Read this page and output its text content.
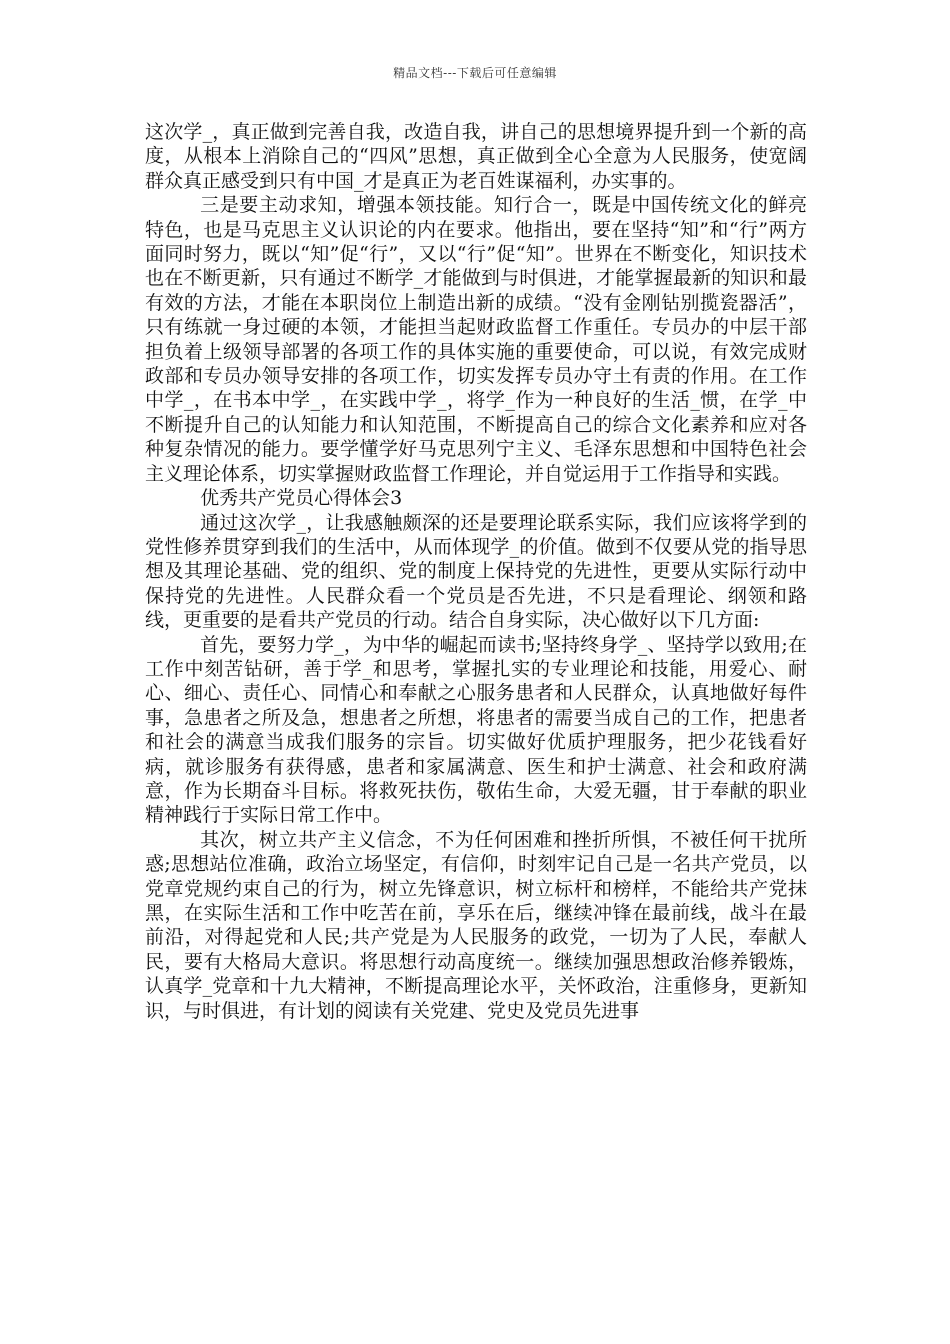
精品文档---下载后可任意编辑

这次学_，真正做到完善自我，改造自我，讲自己的思想境界提升到一个新的高度，从根本上消除自己的“四风”思想，真正做到全心全意为人民服务，使宽阔群众真正感受到只有中国_才是真正为老百姓谋福利，办实事的。

三是要主动求知，增强本领技能。知行合一，既是中国传统文化的鲜亮特色，也是马克思主义认识论的内在要求。他指出，要在坚持“知”和“行”两方面同时努力，既以“知”促“行”，又以“行”促“知”。世界在不断变化，知识技术也在不断更新，只有通过不断学_才能做到与时俱进，才能掌握最新的知识和最有效的方法，才能在本职岗位上制造出新的成绩。“没有金刚钻别揽瓷器活”，只有练就一身过硬的本领，才能担当起财政监督工作重任。专员办的中层干部担负着上级领导部署的各项工作的具体实施的重要使命，可以说，有效完成财政部和专员办领导安排的各项工作，切实发挥专员办守土有责的作用。在工作中学_，在书本中学_，在实践中学_，将学_作为一种良好的生活_惯，在学_中不断提升自己的认知能力和认知范围，不断提高自己的综合文化素养和应对各种复杂情况的能力。要学懂学好马克思列宁主义、毛泽东思想和中国特色社会主义理论体系，切实掌握财政监督工作理论，并自觉运用于工作指导和实践。

优秀共产党员心得体会3

通过这次学_，让我感触颇深的还是要理论联系实际，我们应该将学到的党性修养贯穿到我们的生活中，从而体现学_的价值。做到不仅要从党的指导思想及其理论基础、党的组织、党的制度上保持党的先进性，更要从实际行动中保持党的先进性。人民群众看一个党员是否先进，不只是看理论、纲领和路线，更重要的是看共产党员的行动。结合自身实际，决心做好以下几方面:

首先，要努力学_，为中华的崛起而读书;坚持终身学_、坚持学以致用;在工作中刻苦钻研，善于学_和思考，掌握扎实的专业理论和技能，用爱心、耐心、细心、责任心、同情心和奉献之心服务患者和人民群众，认真地做好每件事，急患者之所及急，想患者之所想，将患者的需要当成自己的工作，把患者和社会的满意当成我们服务的宗旨。切实做好优质护理服务，把少花钱看好病，就诊服务有获得感，患者和家属满意、医生和护士满意、社会和政府满意，作为长期奋斗目标。将救死扶伤，敬佑生命，大爱无疆，甘于奉献的职业精神践行于实际日常工作中。

其次，树立共产主义信念，不为任何困难和挫折所惧，不被任何干扰所惑;思想站位准确，政治立场坚定，有信仰，时刻牢记自己是一名共产党员，以党章党规约束自己的行为，树立先锋意识，树立标杆和榜样，不能给共产党抹黑，在实际生活和工作中吃苦在前，享乐在后，继续冲锋在最前线，战斗在最前沿，对得起党和人民;共产党是为人民服务的政党，一切为了人民，奉献人民，要有大格局大意识。将思想行动高度统一。继续加强思想政治修养锻炼，认真学_党章和十九大精神，不断提高理论水平，关怀政治，注重修身，更新知识，与时俱进，有计划的阅读有关党建、党史及党员先进事
